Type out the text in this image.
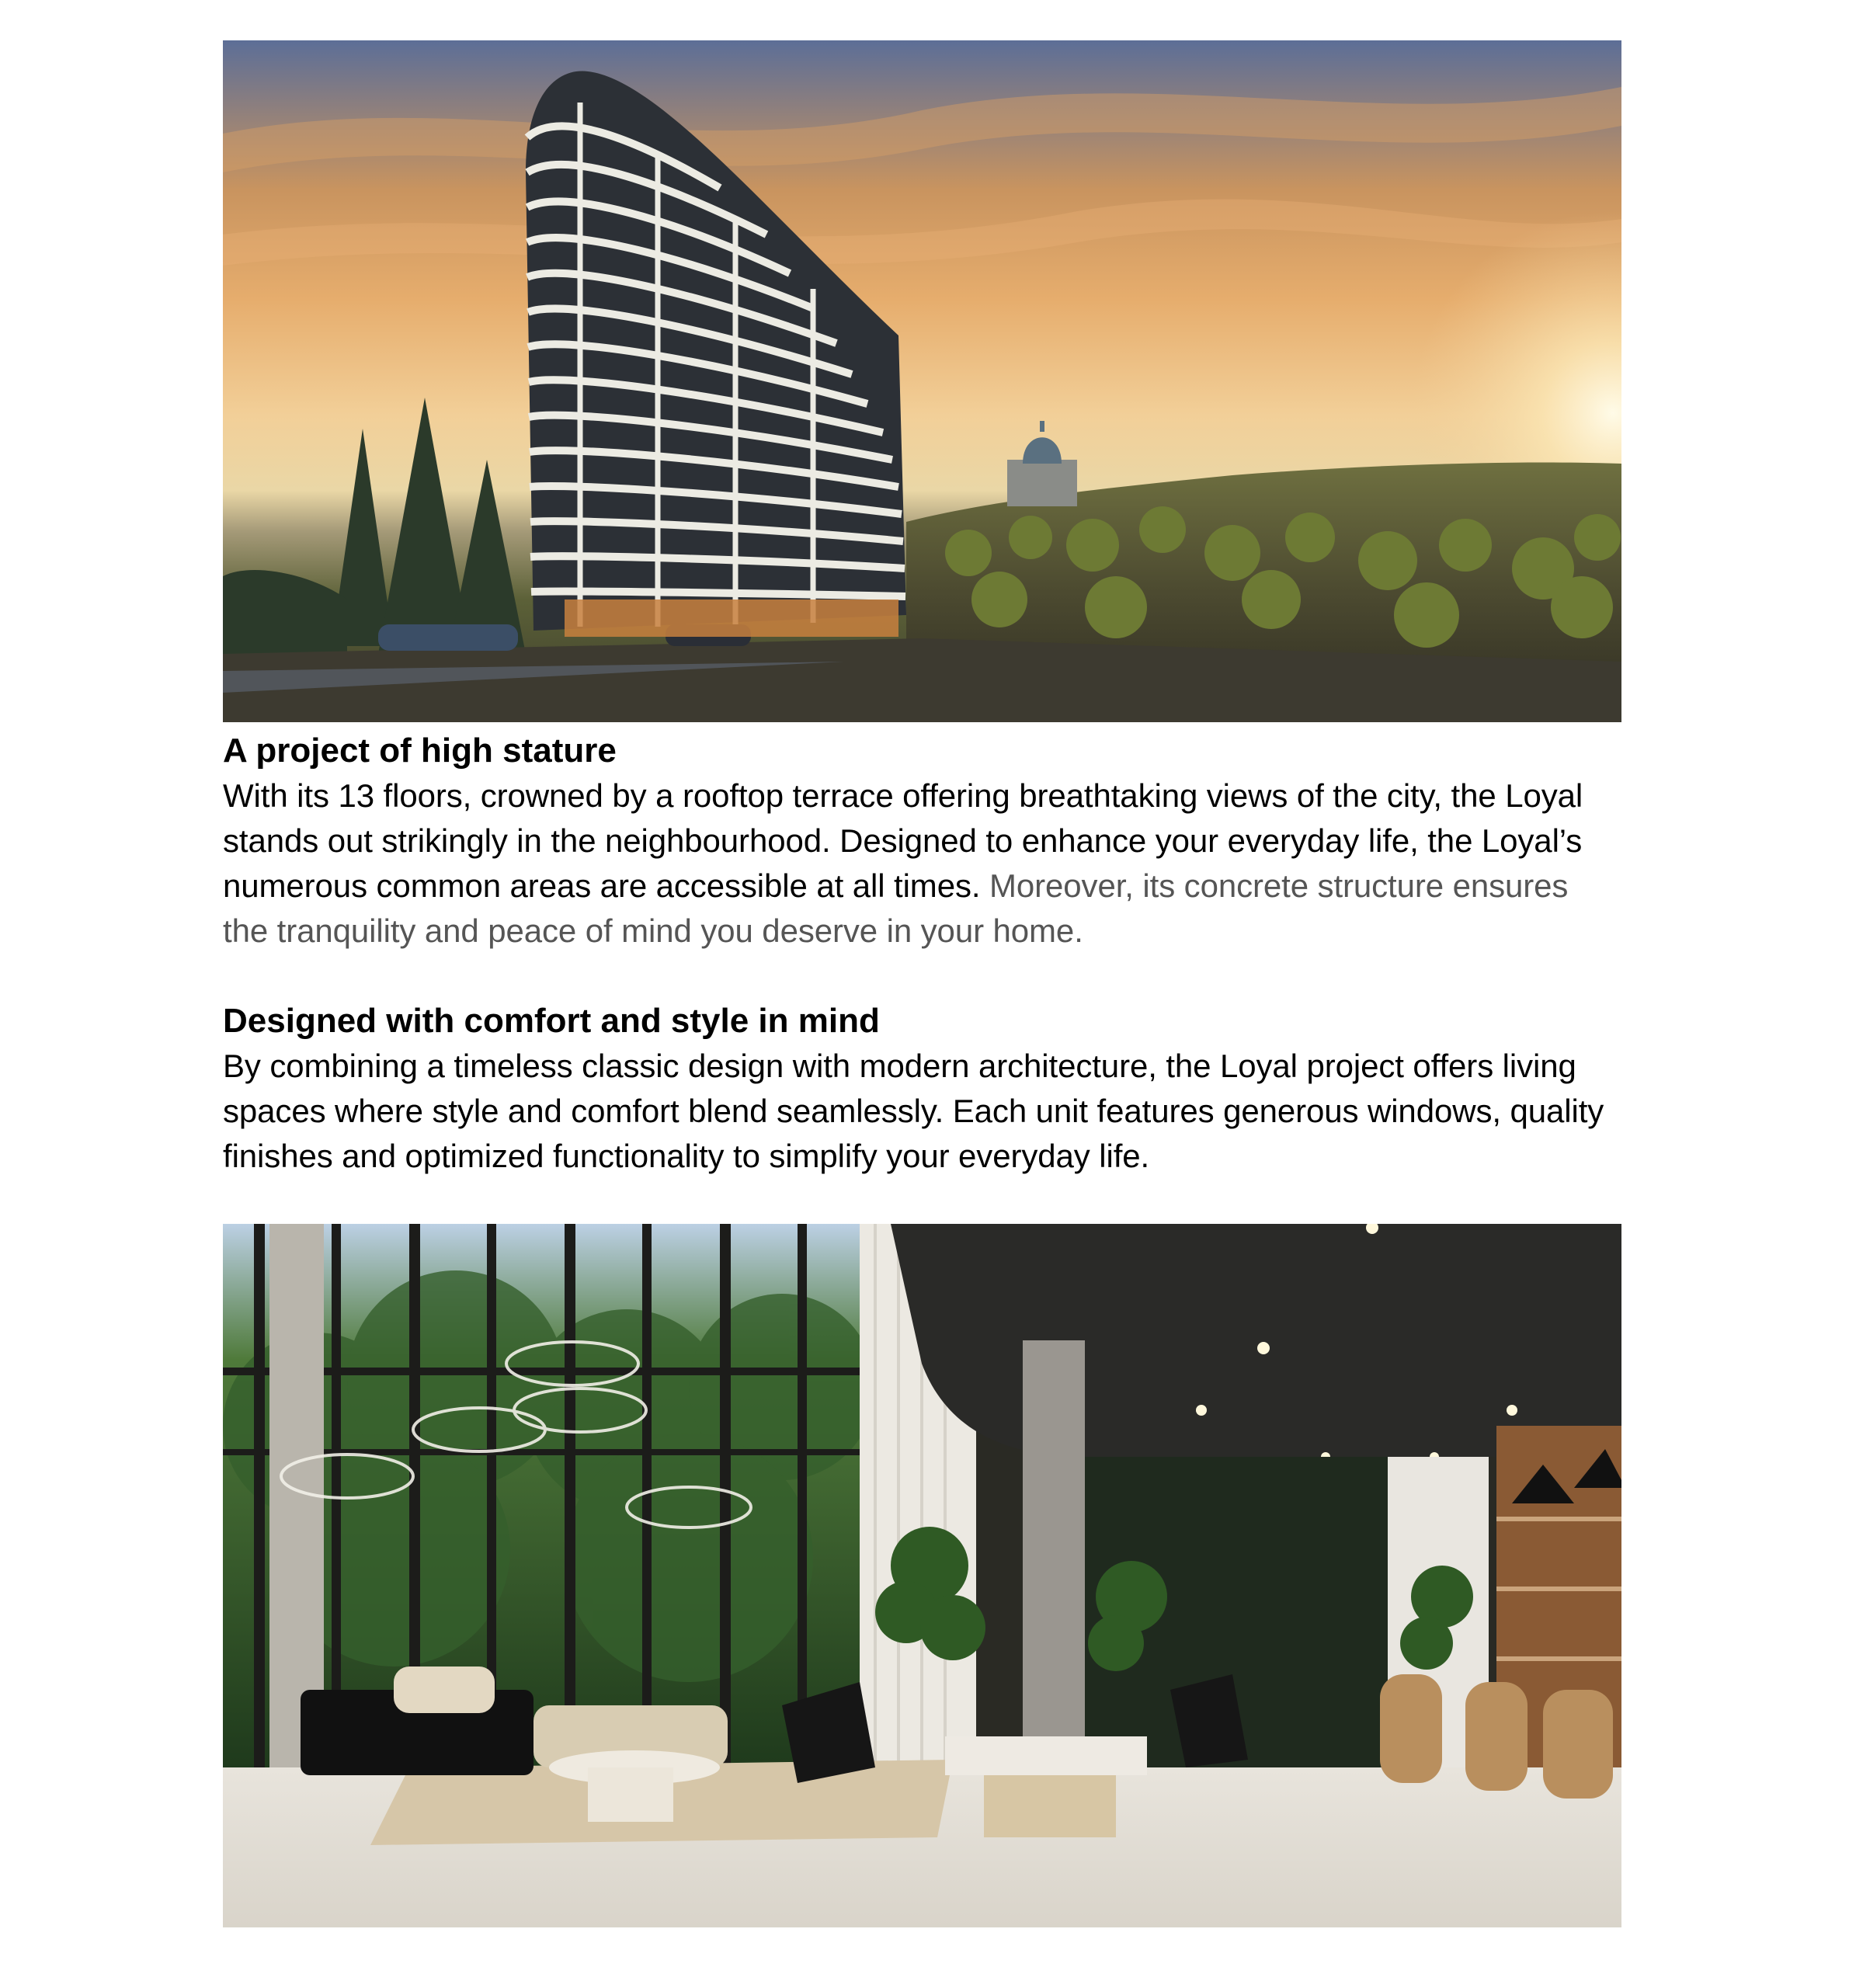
A project of high stature

With its 13 floors, crowned by a rooftop terrace offering breathtaking views of the city, the Loyal stands out strikingly in the neighbourhood. Designed to enhance your everyday life, the Loyal’s numerous common areas are accessible at all times. Moreover, its concrete structure ensures the tranquility and peace of mind you deserve in your home.

Designed with comfort and style in mind

By combining a timeless classic design with modern architecture, the Loyal project offers living spaces where style and comfort blend seamlessly. Each unit features generous windows, quality finishes and optimized functionality to simplify your everyday life.
